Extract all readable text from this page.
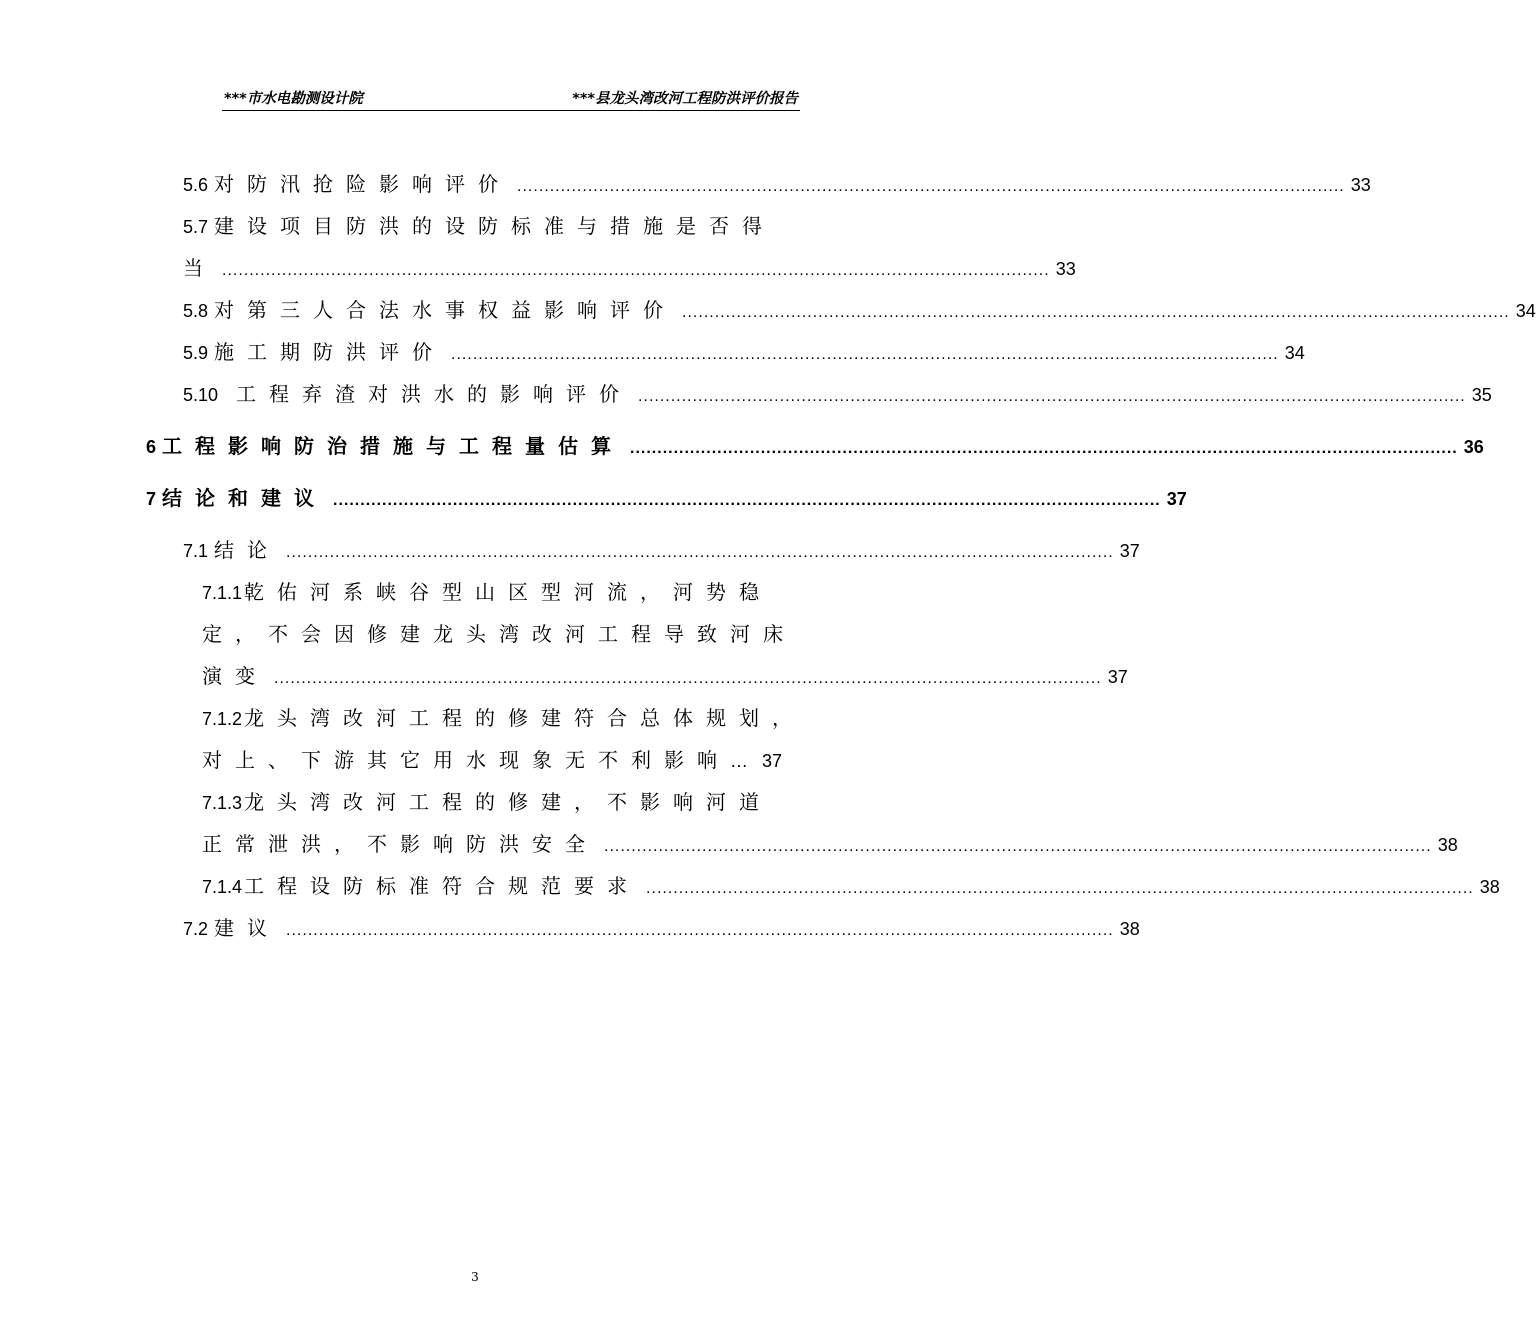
***市水电勘测设计院	***县龙头湾改河工程防洪评价报告
5.6 对防汛抢险影响评价 ........................................................................................................................................................ 33
5.7 建设项目防洪的设防标准与措施是否得
当 ........................................................................................................................................................ 33
5.8 对第三人合法水事权益影响评价 ........................................................................................................................................................ 34
5.9 施工期防洪评价 ........................................................................................................................................................ 34
5.10 工程弃渣对洪水的影响评价 ........................................................................................................................................................ 35
6 工程影响防治措施与工程量估算 ........................................................................................................................................................ 36
7 结论和建议 ........................................................................................................................................................ 37
7.1 结论 ........................................................................................................................................................ 37
7.1.1 乾佑河系峡谷型山区型河流，河势稳
定，不会因修建龙头湾改河工程导致河床
演变 ........................................................................................................................................................ 37
7.1.2 龙头湾改河工程的修建符合总体规划，
对上、下游其它用水现象无不利影响 … 37
7.1.3 龙头湾改河工程的修建，不影响河道
正常泄洪，不影响防洪安全 ........................................................................................................................................................ 38
7.1.4 工程设防标准符合规范要求 ........................................................................................................................................................ 38
7.2 建议 ........................................................................................................................................................ 38
3
